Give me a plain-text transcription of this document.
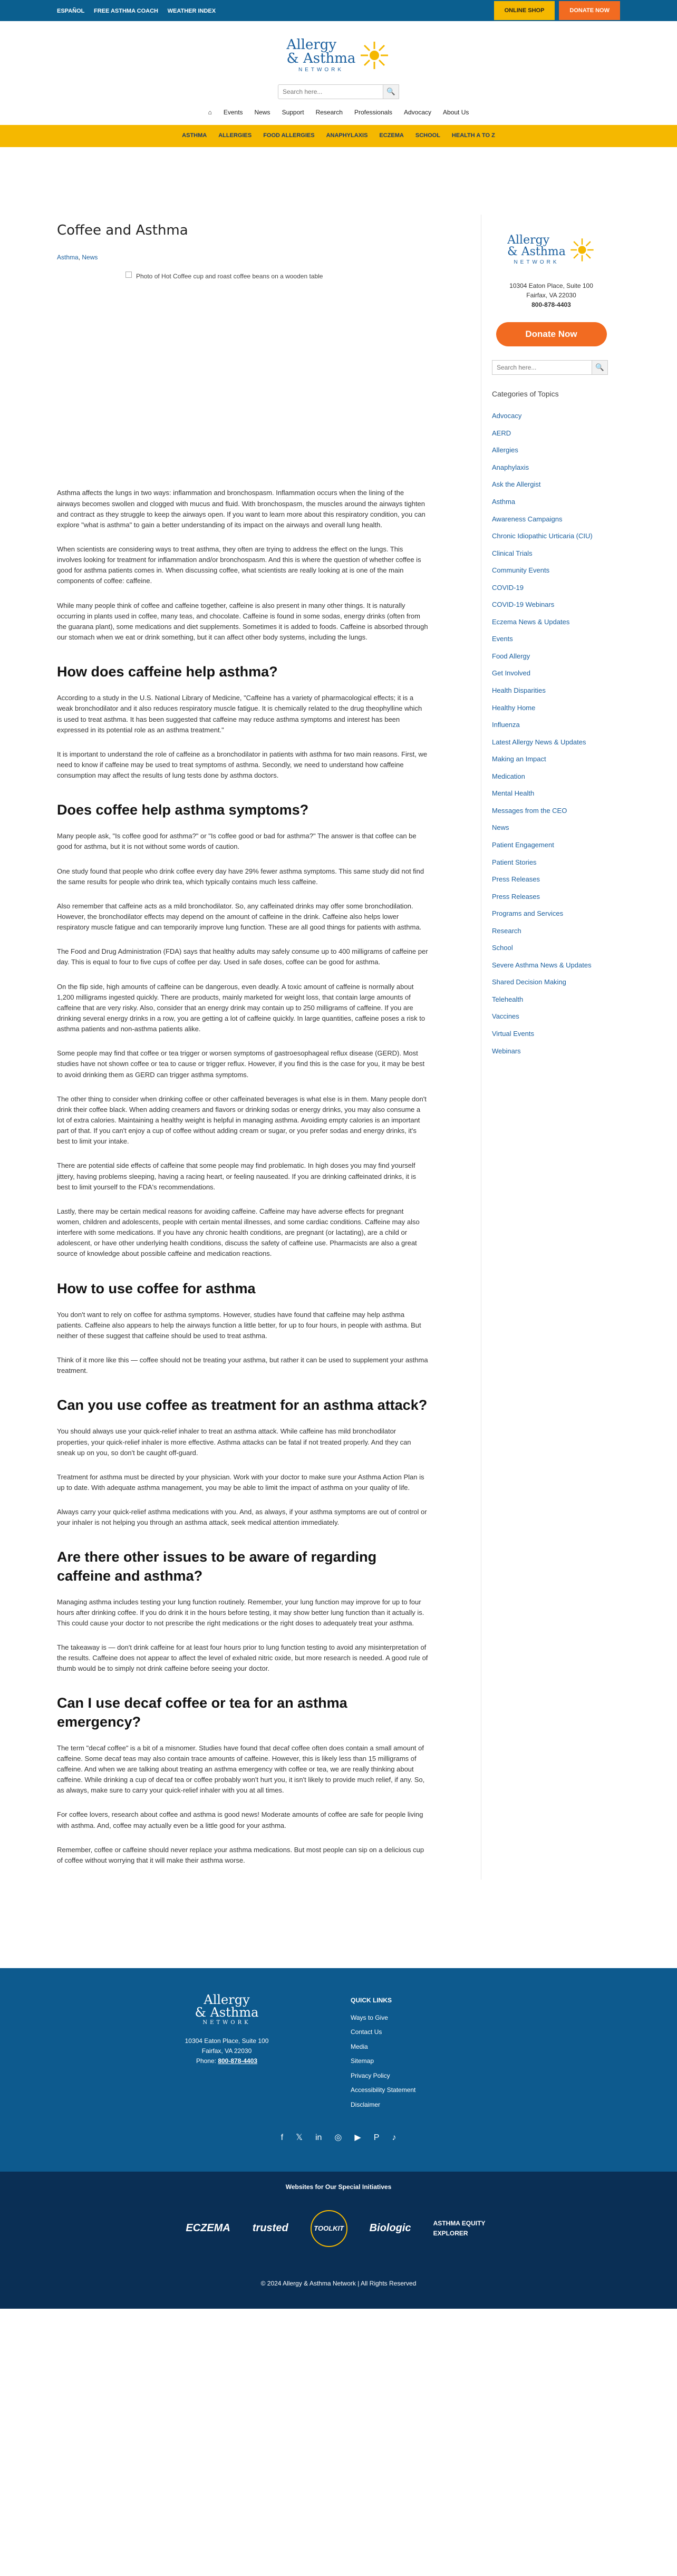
ESPAÑOL FREE ASTHMA COACH WEATHER INDEX	ONLINE SHOP	DONATE NOW
Allergy
& Asthma
NETWORK
Search here...
🔍
⌂ Events News Support Research Professionals Advocacy About Us
ASTHMA ALLERGIES FOOD ALLERGIES ANAPHYLAXIS ECZEMA SCHOOL HEALTH A TO Z
Coffee and Asthma
Asthma, News
Photo of Hot Coffee cup and roast coffee beans on a wooden table

Asthma affects the lungs in two ways: inflammation and bronchospasm. Inflammation occurs when the lining of the airways becomes swollen and clogged with mucus and fluid. With bronchospasm, the muscles around the airways tighten and contract as they struggle to keep the airways open. If you want to learn more about this respiratory condition, you can explore "what is asthma" to gain a better understanding of its impact on the airways and overall lung health.

When scientists are considering ways to treat asthma, they often are trying to address the effect on the lungs. This involves looking for treatment for inflammation and/or bronchospasm. And this is where the question of whether coffee is good for asthma patients comes in. When discussing coffee, what scientists are really looking at is one of the main components of coffee: caffeine.

While many people think of coffee and caffeine together, caffeine is also present in many other things. It is naturally occurring in plants used in coffee, many teas, and chocolate. Caffeine is found in some sodas, energy drinks (often from the guarana plant), some medications and diet supplements. Sometimes it is added to foods. Caffeine is absorbed through our stomach when we eat or drink something, but it can affect other body systems, including the lungs.

How does caffeine help asthma?

According to a study in the U.S. National Library of Medicine, "Caffeine has a variety of pharmacological effects; it is a weak bronchodilator and it also reduces respiratory muscle fatigue. It is chemically related to the drug theophylline which is used to treat asthma. It has been suggested that caffeine may reduce asthma symptoms and interest has been expressed in its potential role as an asthma treatment."

It is important to understand the role of caffeine as a bronchodilator in patients with asthma for two main reasons. First, we need to know if caffeine may be used to treat symptoms of asthma. Secondly, we need to understand how caffeine consumption may affect the results of lung tests done by asthma doctors.

Does coffee help asthma symptoms?

Many people ask, "Is coffee good for asthma?" or "Is coffee good or bad for asthma?" The answer is that coffee can be good for asthma, but it is not without some words of caution.

One study found that people who drink coffee every day have 29% fewer asthma symptoms. This same study did not find the same results for people who drink tea, which typically contains much less caffeine.

Also remember that caffeine acts as a mild bronchodilator. So, any caffeinated drinks may offer some bronchodilation. However, the bronchodilator effects may depend on the amount of caffeine in the drink. Caffeine also helps lower respiratory muscle fatigue and can temporarily improve lung function. These are all good things for patients with asthma.

The Food and Drug Administration (FDA) says that healthy adults may safely consume up to 400 milligrams of caffeine per day. This is equal to four to five cups of coffee per day. Used in safe doses, coffee can be good for asthma.

On the flip side, high amounts of caffeine can be dangerous, even deadly. A toxic amount of caffeine is normally about 1,200 milligrams ingested quickly. There are products, mainly marketed for weight loss, that contain large amounts of caffeine that are very risky. Also, consider that an energy drink may contain up to 250 milligrams of caffeine. If you are drinking several energy drinks in a row, you are getting a lot of caffeine quickly. In large quantities, caffeine poses a risk to asthma patients and non-asthma patients alike.

Some people may find that coffee or tea trigger or worsen symptoms of gastroesophageal reflux disease (GERD). Most studies have not shown coffee or tea to cause or trigger reflux. However, if you find this is the case for you, it may be best to avoid drinking them as GERD can trigger asthma symptoms.

The other thing to consider when drinking coffee or other caffeinated beverages is what else is in them. Many people don't drink their coffee black. When adding creamers and flavors or drinking sodas or energy drinks, you may also consume a lot of extra calories. Maintaining a healthy weight is helpful in managing asthma. Avoiding empty calories is an important part of that. If you can't enjoy a cup of coffee without adding cream or sugar, or you prefer sodas and energy drinks, it's best to limit your intake.

There are potential side effects of caffeine that some people may find problematic. In high doses you may find yourself jittery, having problems sleeping, having a racing heart, or feeling nauseated. If you are drinking caffeinated drinks, it is best to limit yourself to the FDA's recommendations.

Lastly, there may be certain medical reasons for avoiding caffeine. Caffeine may have adverse effects for pregnant women, children and adolescents, people with certain mental illnesses, and some cardiac conditions. Caffeine may also interfere with some medications. If you have any chronic health conditions, are pregnant (or lactating), are a child or adolescent, or have other underlying health conditions, discuss the safety of caffeine use. Pharmacists are also a great source of knowledge about possible caffeine and medication reactions.

How to use coffee for asthma

You don't want to rely on coffee for asthma symptoms. However, studies have found that caffeine may help asthma patients. Caffeine also appears to help the airways function a little better, for up to four hours, in people with asthma. But neither of these suggest that caffeine should be used to treat asthma.

Think of it more like this — coffee should not be treating your asthma, but rather it can be used to supplement your asthma treatment.

Can you use coffee as treatment for an asthma attack?

You should always use your quick-relief inhaler to treat an asthma attack. While caffeine has mild bronchodilator properties, your quick-relief inhaler is more effective. Asthma attacks can be fatal if not treated properly. And they can sneak up on you, so don't be caught off-guard.

Treatment for asthma must be directed by your physician. Work with your doctor to make sure your Asthma Action Plan is up to date. With adequate asthma management, you may be able to limit the impact of asthma on your quality of life.

Always carry your quick-relief asthma medications with you. And, as always, if your asthma symptoms are out of control or your inhaler is not helping you through an asthma attack, seek medical attention immediately.

Are there other issues to be aware of regarding caffeine and asthma?

Managing asthma includes testing your lung function routinely. Remember, your lung function may improve for up to four hours after drinking coffee. If you do drink it in the hours before testing, it may show better lung function than it actually is. This could cause your doctor to not prescribe the right medications or the right doses to adequately treat your asthma.

The takeaway is — don't drink caffeine for at least four hours prior to lung function testing to avoid any misinterpretation of the results. Caffeine does not appear to affect the level of exhaled nitric oxide, but more research is needed. A good rule of thumb would be to simply not drink caffeine before seeing your doctor.

Can I use decaf coffee or tea for an asthma emergency?

The term "decaf coffee" is a bit of a misnomer. Studies have found that decaf coffee often does contain a small amount of caffeine. Some decaf teas may also contain trace amounts of caffeine. However, this is likely less than 15 milligrams of caffeine. And when we are talking about treating an asthma emergency with coffee or tea, we are really thinking about caffeine. While drinking a cup of decaf tea or coffee probably won't hurt you, it isn't likely to provide much relief, if any. So, as always, make sure to carry your quick-relief inhaler with you at all times.

For coffee lovers, research about coffee and asthma is good news! Moderate amounts of coffee are safe for people living with asthma. And, coffee may actually even be a little good for your asthma.

Remember, coffee or caffeine should never replace your asthma medications. But most people can sip on a delicious cup of coffee without worrying that it will make their asthma worse.

Allergy
& Asthma
NETWORK
10304 Eaton Place, Suite 100
Fairfax, VA 22030
800-878-4403
Donate Now
Search here...
🔍
Categories of Topics
Advocacy
AERD
Allergies
Anaphylaxis
Ask the Allergist
Asthma
Awareness Campaigns
Chronic Idiopathic Urticaria (CIU)
Clinical Trials
Community Events
COVID-19
COVID-19 Webinars
Eczema News & Updates
Events
Food Allergy
Get Involved
Health Disparities
Healthy Home
Influenza
Latest Allergy News & Updates
Making an Impact
Medication
Mental Health
Messages from the CEO
News
Patient Engagement
Patient Stories
Press Releases
Press Releases
Programs and Services
Research
School
Severe Asthma News & Updates
Shared Decision Making
Telehealth
Vaccines
Virtual Events
Webinars
Allergy
& Asthma
NETWORK
10304 Eaton Place, Suite 100
Fairfax, VA 22030
Phone: 800-878-4403
QUICK LINKS
Ways to Give
Contact Us
Media
Sitemap
Privacy Policy
Accessibility Statement
Disclaimer
f 𝕏 in ◎ ▶ P ♪
Websites for Our Special Initiatives
ECZEMA trusted	TOOLKIT	Biologic	ASTHMA EQUITY EXPLORER
© 2024 Allergy & Asthma Network | All Rights Reserved
